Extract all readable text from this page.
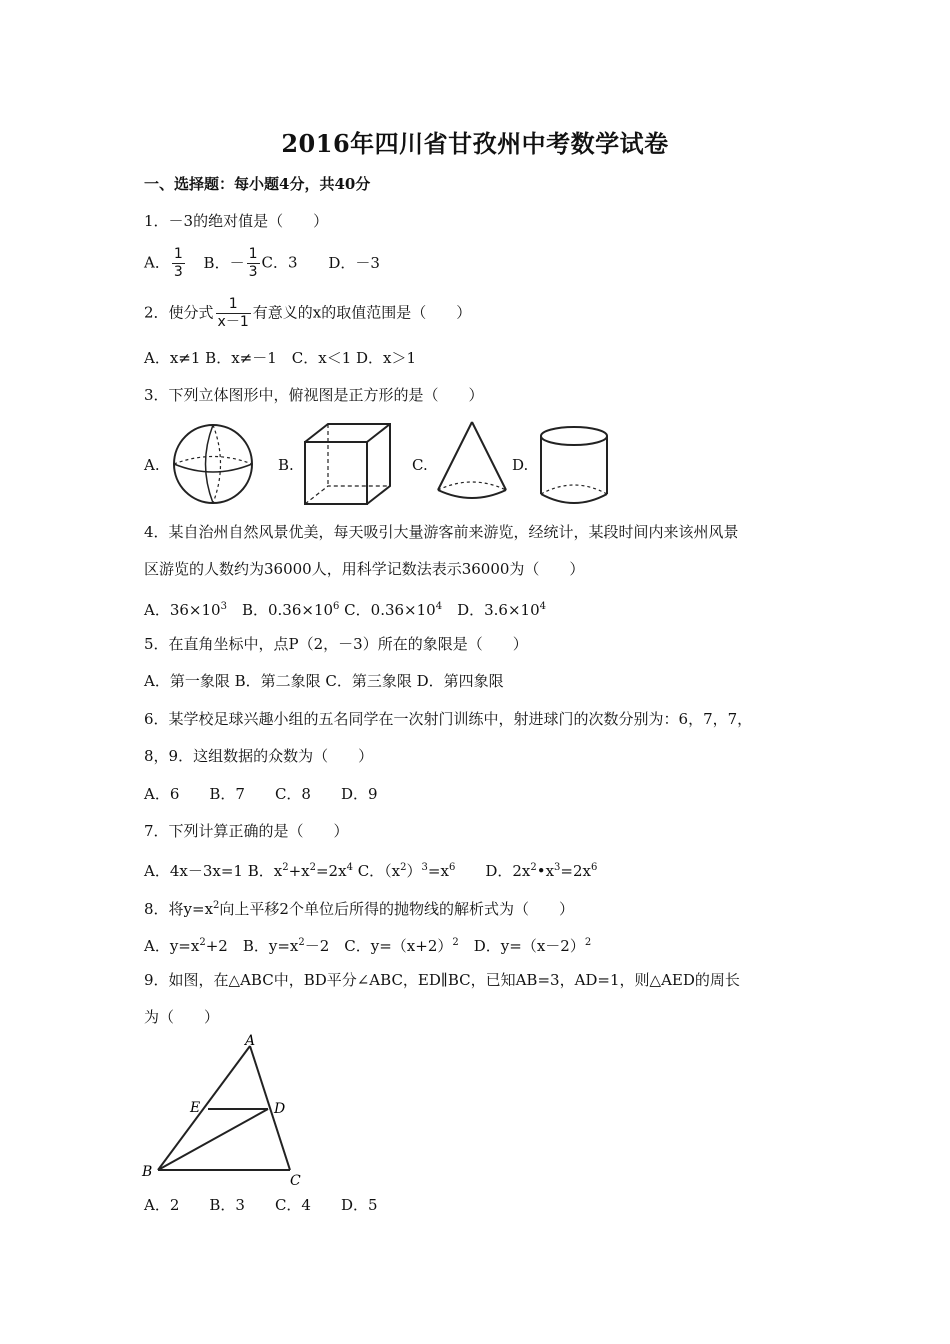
2016年四川省甘孜州中考数学试卷
一、选择题：每小题4分，共40分
1．－3的绝对值是（　　）
A． $\frac{1}{3}$ B．－ $\frac{1}{3}$ C．3 D．－3
2．使分式 $\frac{1}{x-1}$ 有意义的x的取值范围是（　　）
A．x≠1 B．x≠－1　C．x＜1 D．x＞1
3．下列立体图形中，俯视图是正方形的是（　　）
A.	B.	C.	D.
4．某自治州自然风景优美，每天吸引大量游客前来游览，经统计，某段时间内来该州风景
区游览的人数约为36000人，用科学记数法表示36000为（　　）
A．$36\times 10^3$　B．$0.36\times 10^6$ C．$0.36\times 10^4$　D．$3.6\times 10^4$
5．在直角坐标中，点P（2，－3）所在的象限是（　　）
A．第一象限 B．第二象限 C．第三象限 D．第四象限
6．某学校足球兴趣小组的五名同学在一次射门训练中，射进球门的次数分别为：6，7，7，
8，9．这组数据的众数为（　　）
A．6　　B．7　　C．8　　D．9
7．下列计算正确的是（　　）
A．4x－3x=1 B．$x^2+x^2=2x^4$ C．$(x^2)^3=x^6$　　D．$2x^2•x^3=2x^6$
8．将$y=x^2$向上平移2个单位后所得的抛物线的解析式为（　　）
A．$y=x^2+2$　B．$y=x^2-2$　C．$y=(x+2)^2$　D．$y=(x-2)^2$
9．如图，在△ABC中，BD平分∠ABC，ED∥BC，已知AB=3，AD=1，则△AED的周长
为（　　）
A
E	D
B
C
A．2　　B．3　　C．4　　D．5
